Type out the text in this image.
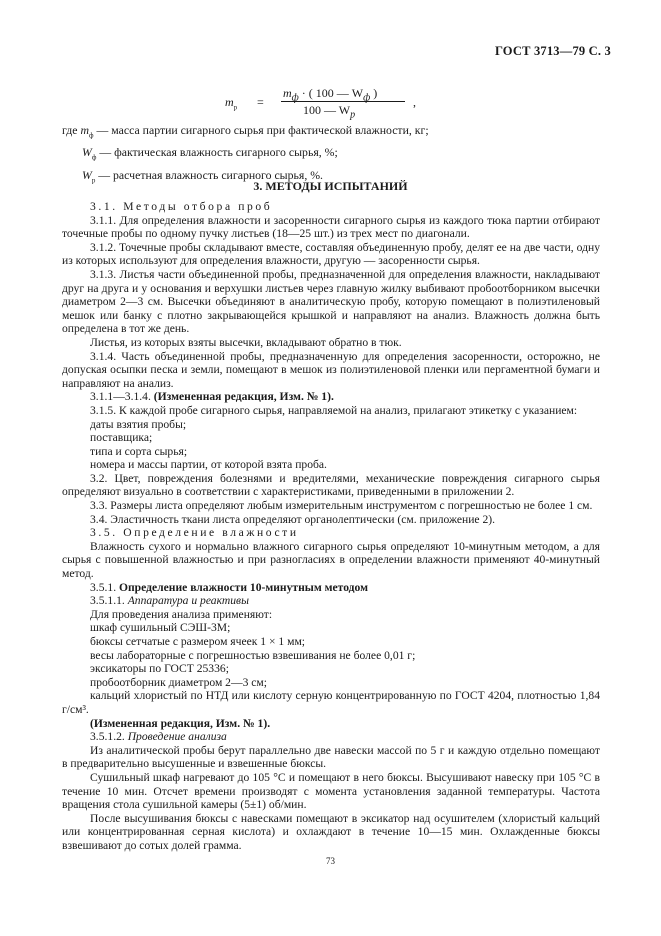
ГОСТ 3713—79 С. 3
$m_р$ =
$m_ф$ · ( 100 — $W_ф$ )
100 — $W_р$
,
где $m_ф$ — масса партии сигарного сырья при фактической влажности, кг;
$W_ф$ — фактическая влажность сигарного сырья, %;
$W_р$ — расчетная влажность сигарного сырья, %.
3. МЕТОДЫ ИСПЫТАНИЙ

3.1. Методы отбора проб

3.1.1. Для определения влажности и засоренности сигарного сырья из каждого тюка партии отбирают точечные пробы по одному пучку листьев (18—25 шт.) из трех мест по диагонали.

3.1.2. Точечные пробы складывают вместе, составляя объединенную пробу, делят ее на две части, одну из которых используют для определения влажности, другую — засоренности сырья.

3.1.3. Листья части объединенной пробы, предназначенной для определения влажности, накладывают друг на друга и у основания и верхушки листьев через главную жилку выбивают пробоотборником высечки диаметром 2—3 см. Высечки объединяют в аналитическую пробу, которую помещают в полиэтиленовый мешок или банку с плотно закрывающейся крышкой и направляют на анализ. Влажность должна быть определена в тот же день.

Листья, из которых взяты высечки, вкладывают обратно в тюк.

3.1.4. Часть объединенной пробы, предназначенную для определения засоренности, осторожно, не допуская осыпки песка и земли, помещают в мешок из полиэтиленовой пленки или пергаментной бумаги и направляют на анализ.

3.1.1—3.1.4. (Измененная редакция, Изм. № 1).

3.1.5. К каждой пробе сигарного сырья, направляемой на анализ, прилагают этикетку с указанием:

даты взятия пробы;

поставщика;

типа и сорта сырья;

номера и массы партии, от которой взята проба.

3.2. Цвет, повреждения болезнями и вредителями, механические повреждения сигарного сырья определяют визуально в соответствии с характеристиками, приведенными в приложении 2.

3.3. Размеры листа определяют любым измерительным инструментом с погрешностью не более 1 см.

3.4. Эластичность ткани листа определяют органолептически (см. приложение 2).

3.5. Определение влажности

Влажность сухого и нормально влажного сигарного сырья определяют 10-минутным методом, а для сырья с повышенной влажностью и при разногласиях в определении влажности применяют 40-минутный метод.

3.5.1. Определение влажности 10-минутным методом

3.5.1.1. Аппаратура и реактивы

Для проведения анализа применяют:

шкаф сушильный СЭШ-3М;

бюксы сетчатые с размером ячеек 1 × 1 мм;

весы лабораторные с погрешностью взвешивания не более 0,01 г;

эксикаторы по ГОСТ 25336;

пробоотборник диаметром 2—3 см;

кальций хлористый по НТД или кислоту серную концентрированную по ГОСТ 4204, плотностью 1,84 г/см³.

(Измененная редакция, Изм. № 1).

3.5.1.2. Проведение анализа

Из аналитической пробы берут параллельно две навески массой по 5 г и каждую отдельно помещают в предварительно высушенные и взвешенные бюксы.

Сушильный шкаф нагревают до 105 °С и помещают в него бюксы. Высушивают навеску при 105 °С в течение 10 мин. Отсчет времени производят с момента установления заданной температуры. Частота вращения стола сушильной камеры (5±1) об/мин.

После высушивания бюксы с навесками помещают в эксикатор над осушителем (хлористый кальций или концентрированная серная кислота) и охлаждают в течение 10—15 мин. Охлажденные бюксы взвешивают до сотых долей грамма.

73
